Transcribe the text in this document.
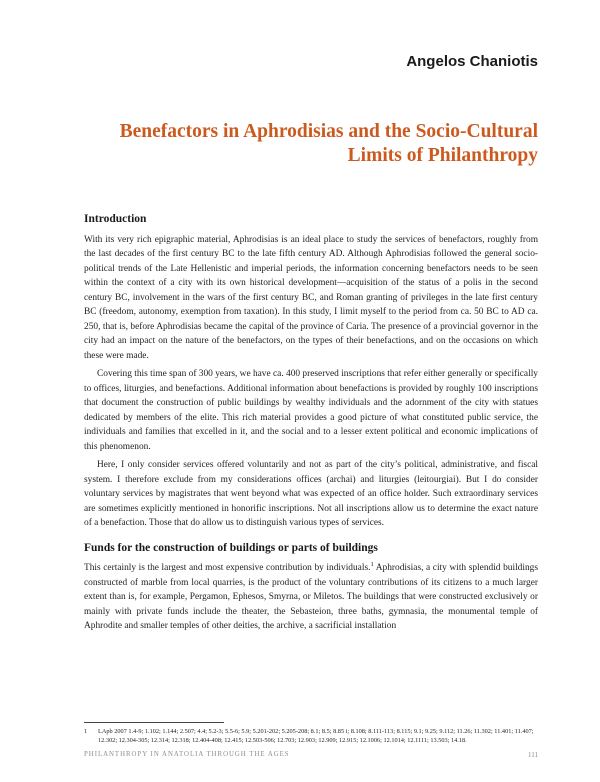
Angelos Chaniotis
Benefactors in Aphrodisias and the Socio-Cultural
Limits of Philanthropy
Introduction

With its very rich epigraphic material, Aphrodisias is an ideal place to study the services of benefactors, roughly from the last decades of the first century BC to the late fifth century AD. Although Aphrodisias followed the general socio-political trends of the Late Hellenistic and imperial periods, the information concerning benefactors needs to be seen within the context of a city with its own historical development—acquisition of the status of a polis in the second century BC, involvement in the wars of the first century BC, and Roman granting of privileges in the late first century BC (freedom, autonomy, exemption from taxation). In this study, I limit myself to the period from ca. 50 BC to AD ca. 250, that is, before Aphrodisias became the capital of the province of Caria. The presence of a provincial governor in the city had an impact on the nature of the benefactors, on the types of their benefactions, and on the occasions on which these were made.

Covering this time span of 300 years, we have ca. 400 preserved inscriptions that refer either generally or specifically to offices, liturgies, and benefactions. Additional information about benefactions is provided by roughly 100 inscriptions that document the construction of public buildings by wealthy individuals and the adornment of the city with statues dedicated by members of the elite. This rich material provides a good picture of what constituted public service, the individuals and families that excelled in it, and the social and to a lesser extent political and economic implications of this phenomenon.

Here, I only consider services offered voluntarily and not as part of the city’s political, administrative, and fiscal system. I therefore exclude from my considerations offices (archai) and liturgies (leitourgiai). But I do consider voluntary services by magistrates that went beyond what was expected of an office holder. Such extraordinary services are sometimes explicitly mentioned in honorific inscriptions. Not all inscriptions allow us to determine the exact nature of a benefaction. Those that do allow us to distinguish various types of services.

Funds for the construction of buildings or parts of buildings

This certainly is the largest and most expensive contribution by individuals.$^1$ Aphrodisias, a city with splendid buildings constructed of marble from local quarries, is the product of the voluntary contributions of its citizens to a much larger extent than is, for example, Pergamon, Ephesos, Smyrna, or Miletos. The buildings that were constructed exclusively or mainly with private funds include the theater, the Sebasteion, three baths, gymnasia, the monumental temple of Aphrodite and smaller temples of other deities, the archive, a sacrificial installation

1	LApb 2007 1.4-9; 1.102; 1.144; 2.507; 4.4; 5.2-3; 5.5-6; 5.9; 5.201-202; 5.205-208; 8.1; 8.5; 8.85 i; 8.108; 8.111-113; 8.115; 9.1; 9.25; 9.112; 11.26; 11.302; 11.401; 11.407; 12.302; 12.304-305; 12.314; 12.318; 12.404-408; 12.415; 12.503-506; 12.703; 12.903; 12.909; 12.915; 12.1006; 12.1014; 12.1111; 13.503; 14.18.
PHILANTHROPY IN ANATOLIA THROUGH THE AGES	111
